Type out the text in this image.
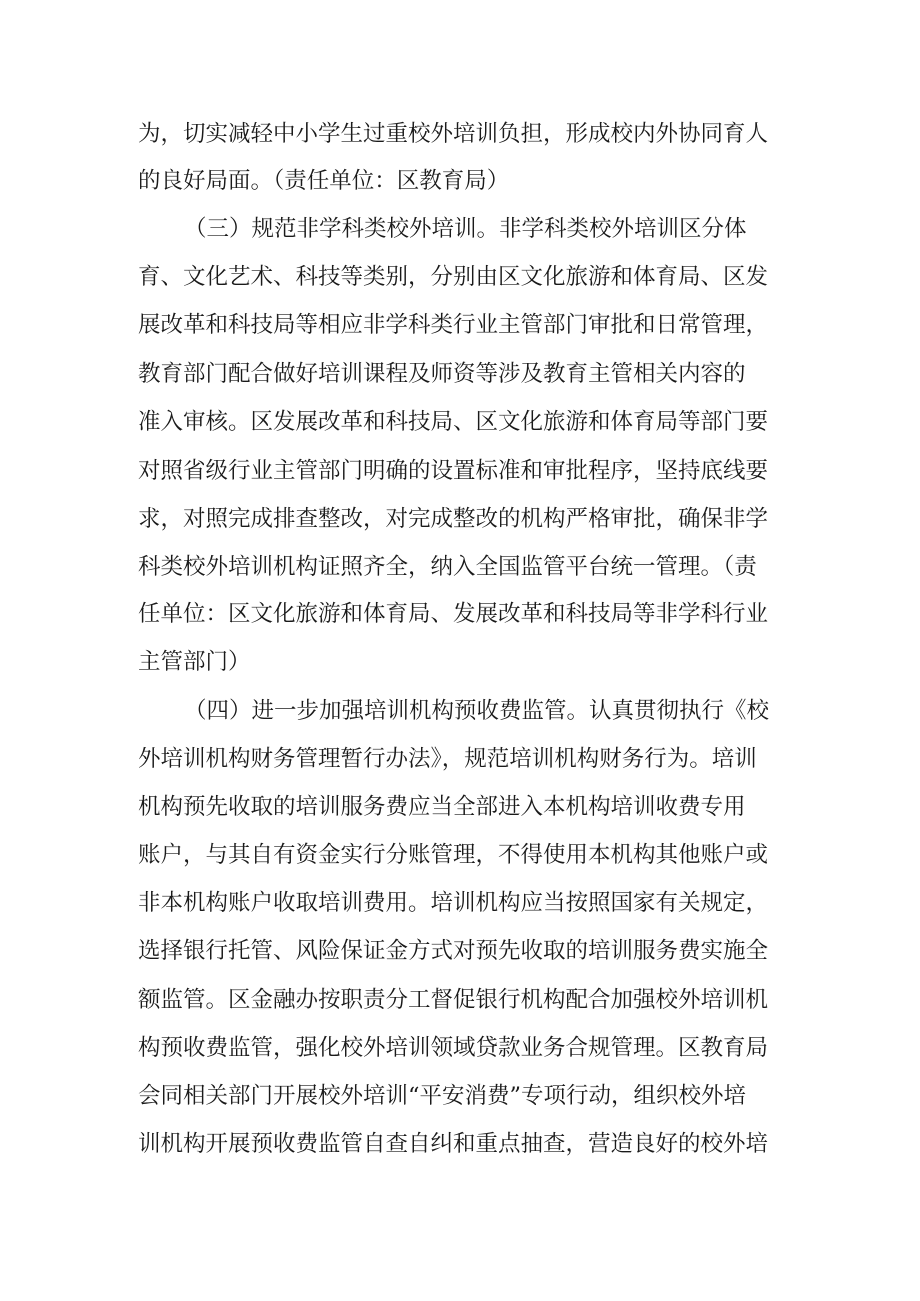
为，切实减轻中小学生过重校外培训负担，形成校内外协同育人
的良好局面。（责任单位：区教育局）
（三）规范非学科类校外培训。非学科类校外培训区分体
育、文化艺术、科技等类别，分别由区文化旅游和体育局、区发
展改革和科技局等相应非学科类行业主管部门审批和日常管理，
教育部门配合做好培训课程及师资等涉及教育主管相关内容的
准入审核。区发展改革和科技局、区文化旅游和体育局等部门要
对照省级行业主管部门明确的设置标准和审批程序，坚持底线要
求，对照完成排查整改，对完成整改的机构严格审批，确保非学
科类校外培训机构证照齐全，纳入全国监管平台统一管理。（责
任单位：区文化旅游和体育局、发展改革和科技局等非学科行业
主管部门）
（四）进一步加强培训机构预收费监管。认真贯彻执行《校
外培训机构财务管理暂行办法》，规范培训机构财务行为。培训
机构预先收取的培训服务费应当全部进入本机构培训收费专用
账户，与其自有资金实行分账管理，不得使用本机构其他账户或
非本机构账户收取培训费用。培训机构应当按照国家有关规定，
选择银行托管、风险保证金方式对预先收取的培训服务费实施全
额监管。区金融办按职责分工督促银行机构配合加强校外培训机
构预收费监管，强化校外培训领域贷款业务合规管理。区教育局
会同相关部门开展校外培训“平安消费”专项行动，组织校外培
训机构开展预收费监管自查自纠和重点抽查，营造良好的校外培
